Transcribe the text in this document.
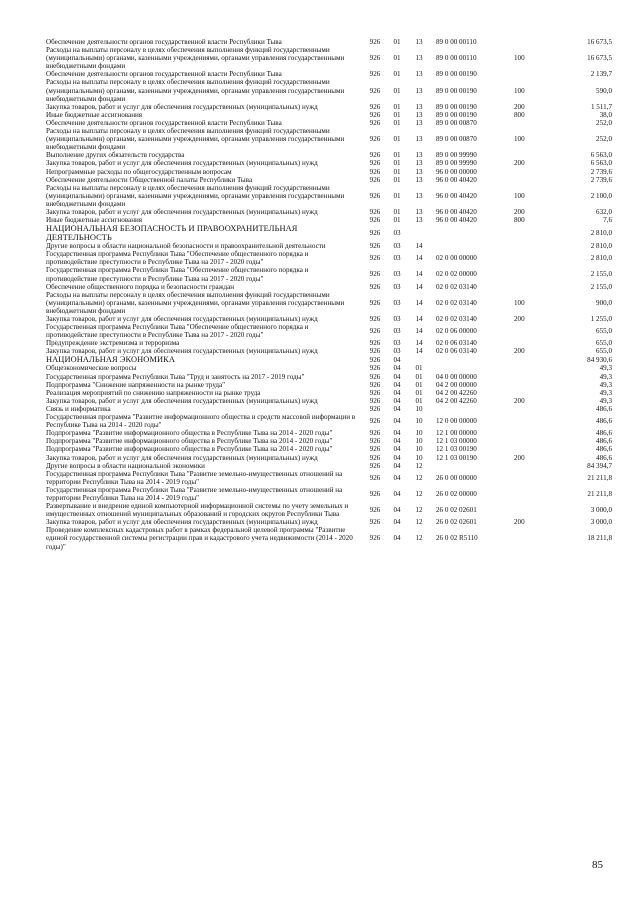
Обеспечение деятельности органов государственной власти Республики Тыва	926	01	13	89 0 00 00110		16 673,5
Расходы на выплаты персоналу в целях обеспечения выполнения функций государственными (муниципальными) органами, казенными учреждениями, органами управления государственными внебюджетными фондами	926	01	13	89 0 00 00110	100	16 673,5
Обеспечение деятельности органов государственной власти Республики Тыва	926	01	13	89 0 00 00190		2 139,7
Расходы на выплаты персоналу в целях обеспечения выполнения функций государственными (муниципальными) органами, казенными учреждениями, органами управления государственными внебюджетными фондами	926	01	13	89 0 00 00190	100	590,0
Закупка товаров, работ и услуг для обеспечения государственных (муниципальных) нужд	926	01	13	89 0 00 00190	200	1 511,7
Иные бюджетные ассигнования	926	01	13	89 0 00 00190	800	38,0
Обеспечение деятельности органов государственной власти Республики Тыва	926	01	13	89 0 00 00870		252,0
Расходы на выплаты персоналу в целях обеспечения выполнения функций государственными (муниципальными) органами, казенными учреждениями, органами управления государственными внебюджетными фондами	926	01	13	89 0 00 00870	100	252,0
Выполнение других обязательств государства	926	01	13	89 0 00 99990		6 563,0
Закупка товаров, работ и услуг для обеспечения государственных (муниципальных) нужд	926	01	13	89 0 00 99990	200	6 563,0
Непрограммные расходы по общегосударственным вопросам	926	01	13	96 0 00 00000		2 739,6
Обеспечение деятельности Общественной палаты Республики Тыва	926	01	13	96 0 00 40420		2 739,6
Расходы на выплаты персоналу в целях обеспечения выполнения функций государственными (муниципальными) органами, казенными учреждениями, органами управления государственными внебюджетными фондами	926	01	13	96 0 00 40420	100	2 100,0
Закупка товаров, работ и услуг для обеспечения государственных (муниципальных) нужд	926	01	13	96 0 00 40420	200	632,0
Иные бюджетные ассигнования	926	01	13	96 0 00 40420	800	7,6
НАЦИОНАЛЬНАЯ БЕЗОПАСНОСТЬ И ПРАВООХРАНИТЕЛЬНАЯ ДЕЯТЕЛЬНОСТЬ	926	03				2 810,0
Другие вопросы в области национальной безопасности и правоохранительной деятельности	926	03	14			2 810,0
Государственная программа Республики Тыва "Обеспечение общественного порядка и противодействие преступности в Республике Тыва на 2017 - 2020 годы"	926	03	14	02 0 00 00000		2 810,0
Государственная программа Республики Тыва "Обеспечение общественного порядка и противодействие преступности в Республике Тыва на 2017 - 2020 годы"	926	03	14	02 0 02 00000		2 155,0
Обеспечение общественного порядка и безопасности граждан	926	03	14	02 0 02 03140		2 155,0
Расходы на выплаты персоналу в целях обеспечения выполнения функций государственными (муниципальными) органами, казенными учреждениями, органами управления государственными внебюджетными фондами	926	03	14	02 0 02 03140	100	900,0
Закупка товаров, работ и услуг для обеспечения государственных (муниципальных) нужд	926	03	14	02 0 02 03140	200	1 255,0
Государственная программа Республики Тыва "Обеспечение общественного порядка и противодействие преступности в Республике Тыва на 2017 - 2020 годы"	926	03	14	02 0 06 00000		655,0
Предупреждение экстремизма и терроризма	926	03	14	02 0 06 03140		655,0
Закупка товаров, работ и услуг для обеспечения государственных (муниципальных) нужд	926	03	14	02 0 06 03140	200	655,0
НАЦИОНАЛЬНАЯ ЭКОНОМИКА	926	04				84 930,6
Общеэкономические вопросы	926	04	01			49,3
Государственная программа Республики Тыва "Труд и занятость на 2017 - 2019 годы"	926	04	01	04 0 00 00000		49,3
Подпрограмма "Снижение напряженности на рынке труда"	926	04	01	04 2 00 00000		49,3
Реализация мероприятий по снижению напряженности на рынке труда	926	04	01	04 2 00 42260		49,3
Закупка товаров, работ и услуг для обеспечения государственных (муниципальных) нужд	926	04	01	04 2 00 42260	200	49,3
Связь и информатика	926	04	10			486,6
Государственная программа "Развитие информационного общества и средств массовой информации в Республике Тыва на 2014 - 2020 годы"	926	04	10	12 0 00 00000		486,6
Подпрограмма "Развитие информационного общества в Республике Тыва на 2014 - 2020 годы"	926	04	10	12 1 00 00000		486,6
Подпрограмма "Развитие информационного общества в Республике Тыва на 2014 - 2020 годы"	926	04	10	12 1 03 00000		486,6
Подпрограмма "Развитие информационного общества в Республике Тыва на 2014 - 2020 годы"	926	04	10	12 1 03 00190		486,6
Закупка товаров, работ и услуг для обеспечения государственных (муниципальных) нужд	926	04	10	12 1 03 00190	200	486,6
Другие вопросы в области национальной экономики	926	04	12			84 394,7
Государственная программа Республики Тыва "Развитие земельно-имущественных отношений на территории Республики Тыва на 2014 - 2019 годы"	926	04	12	26 0 00 00000		21 211,8
Государственная программа Республики Тыва "Развитие земельно-имущественных отношений на территории Республики Тыва на 2014 - 2019 годы"	926	04	12	26 0 02 00000		21 211,8
Развертывание и внедрение единой компьютерной информационной системы по учету земельных и имущественных отношений муниципальных образований и городских округов Республики Тыва	926	04	12	26 0 02 02601		3 000,0
Закупка товаров, работ и услуг для обеспечения государственных (муниципальных) нужд	926	04	12	26 0 02 02601	200	3 000,0
Проведение комплексных кадастровых работ в рамках федеральной целевой программы "Развитие единой государственной системы регистрации прав и кадастрового учета недвижимости (2014 - 2020 годы)"	926	04	12	26 0 02 R5110		18 211,8
85
